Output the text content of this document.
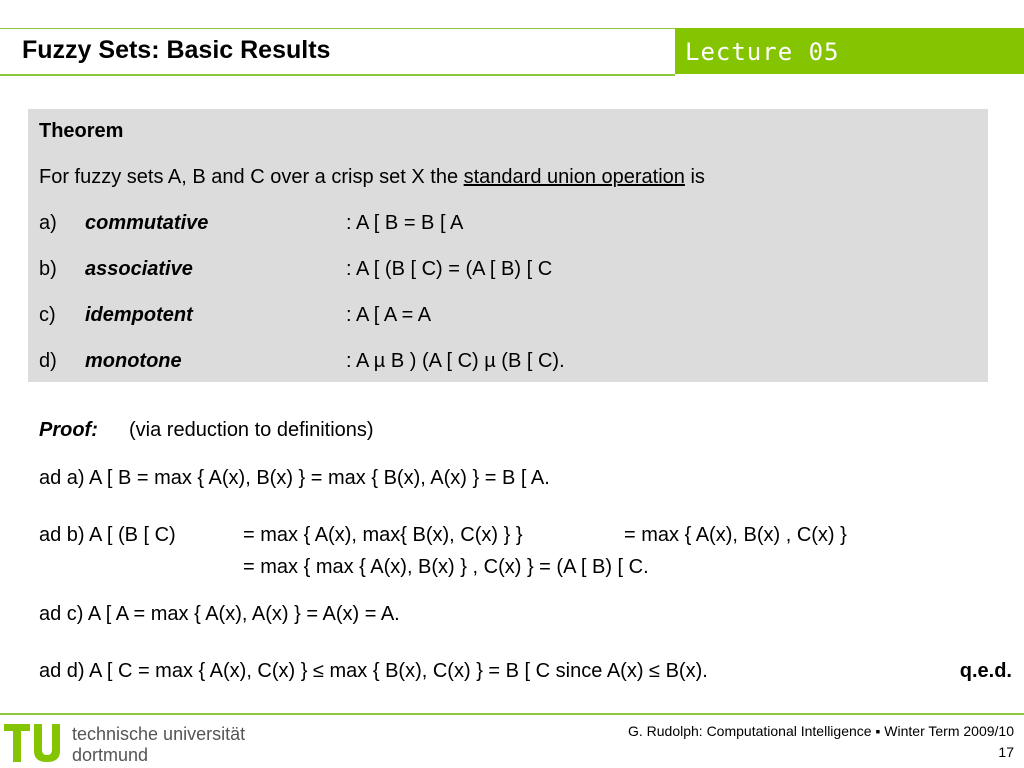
Fuzzy Sets: Basic Results	Lecture 05
Theorem
For fuzzy sets A, B and C over a crisp set X the standard union operation is
a) commutative	: A [ B = B [ A
b) associative	: A [ (B [ C) = (A [ B) [ C
c) idempotent	: A [ A = A
d) monotone	: A µ B ) (A [ C) µ (B [ C).
Proof: (via reduction to definitions)
ad a) A [ B = max { A(x), B(x) } = max { B(x), A(x) } = B [ A.
ad b) A [ (B [ C)	= max { A(x), max{ B(x), C(x) } }	= max { A(x), B(x) , C(x) }
= max { max { A(x), B(x) } , C(x) } = (A [ B) [ C.
ad c) A [ A = max { A(x), A(x) } = A(x) = A.
ad d) A [ C = max { A(x), C(x) } ≤ max { B(x), C(x) } = B [ C since A(x) ≤ B(x).	q.e.d.
technische universität
dortmund
G. Rudolph: Computational Intelligence ▪ Winter Term 2009/10
17
